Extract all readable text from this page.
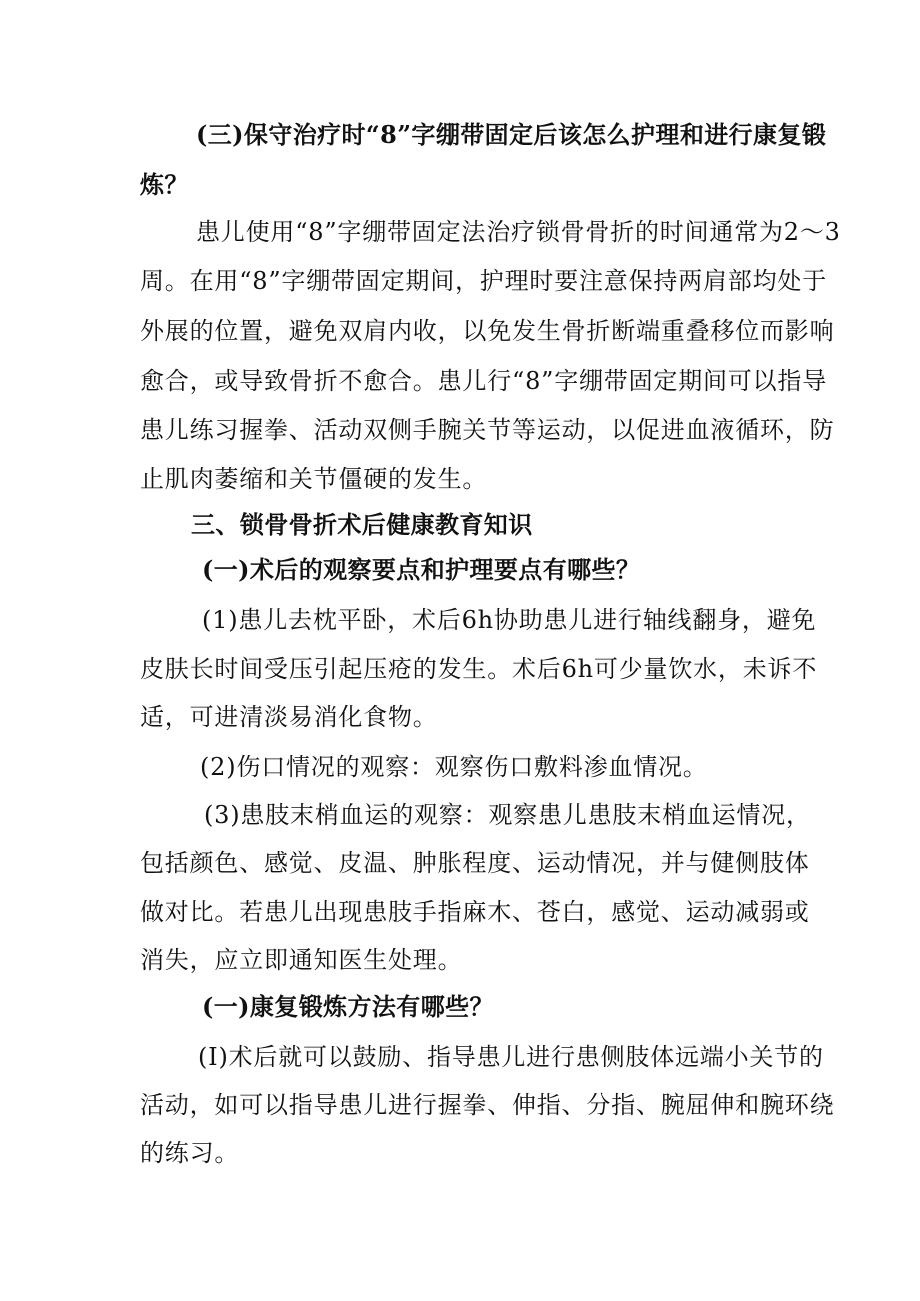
(三)保守治疗时“8”字绷带固定后该怎么护理和进行康复锻

炼？

患儿使用“8”字绷带固定法治疗锁骨骨折的时间通常为2～3

周。在用“8”字绷带固定期间，护理时要注意保持两肩部均处于

外展的位置，避免双肩内收，以免发生骨折断端重叠移位而影响

愈合，或导致骨折不愈合。患儿行“8”字绷带固定期间可以指导

患儿练习握拳、活动双侧手腕关节等运动，以促进血液循环，防

止肌肉萎缩和关节僵硬的发生。

三、锁骨骨折术后健康教育知识

(一)术后的观察要点和护理要点有哪些？

(1)患儿去枕平卧，术后6h协助患儿进行轴线翻身，避免

皮肤长时间受压引起压疮的发生。术后6h可少量饮水，未诉不

适，可进清淡易消化食物。

(2)伤口情况的观察：观察伤口敷料渗血情况。

(3)患肢末梢血运的观察：观察患儿患肢末梢血运情况，

包括颜色、感觉、皮温、肿胀程度、运动情况，并与健侧肢体

做对比。若患儿出现患肢手指麻木、苍白，感觉、运动减弱或

消失，应立即通知医生处理。

(一)康复锻炼方法有哪些？

(I)术后就可以鼓励、指导患儿进行患侧肢体远端小关节的

活动，如可以指导患儿进行握拳、伸指、分指、腕屈伸和腕环绕

的练习。
